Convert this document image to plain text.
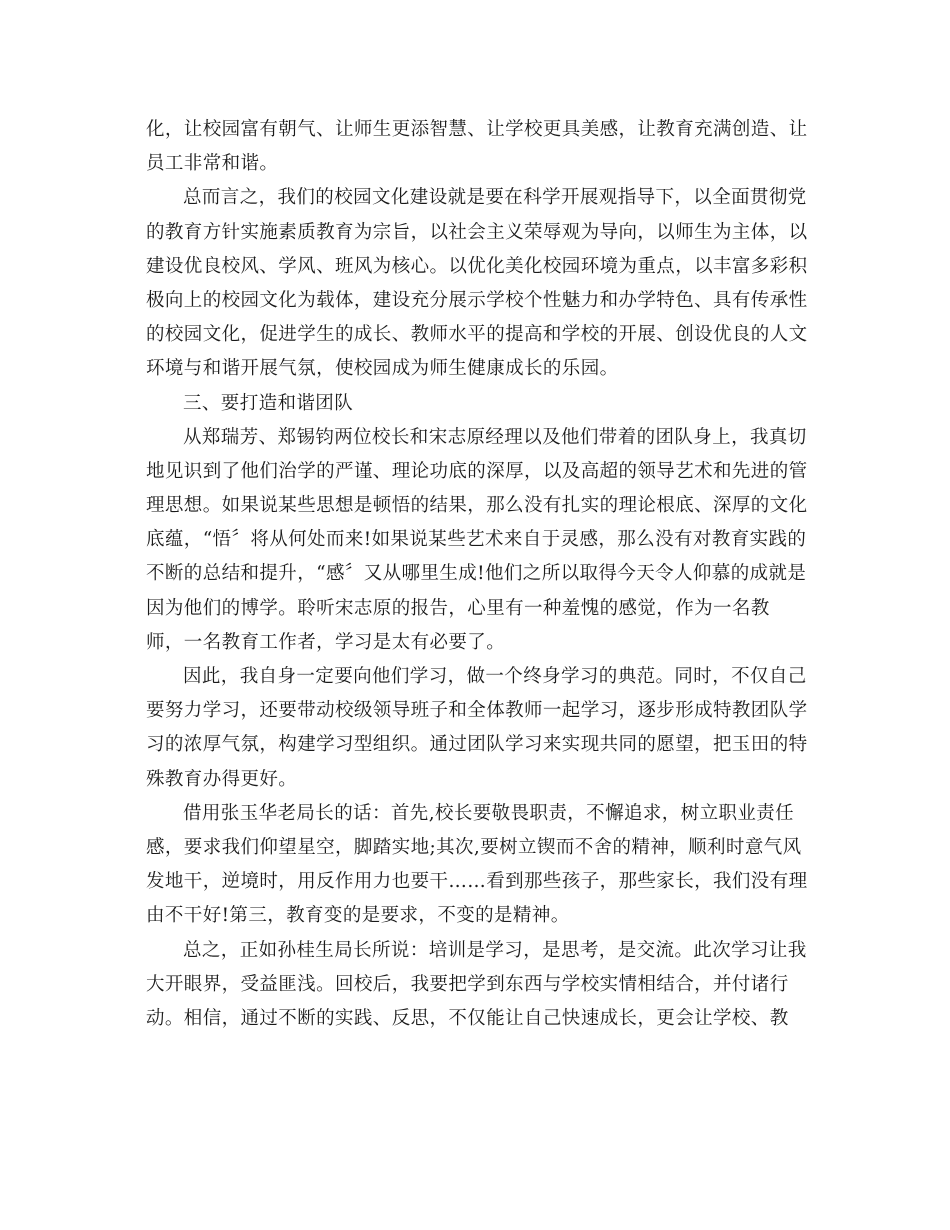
化，让校园富有朝气、让师生更添智慧、让学校更具美感，让教育充满创造、让
员工非常和谐。
总而言之，我们的校园文化建设就是要在科学开展观指导下，以全面贯彻党
的教育方针实施素质教育为宗旨，以社会主义荣辱观为导向，以师生为主体，以
建设优良校风、学风、班风为核心。以优化美化校园环境为重点，以丰富多彩积
极向上的校园文化为载体，建设充分展示学校个性魅力和办学特色、具有传承性
的校园文化，促进学生的成长、教师水平的提高和学校的开展、创设优良的人文
环境与和谐开展气氛，使校园成为师生健康成长的乐园。
三、要打造和谐团队
从郑瑞芳、郑锡钧两位校长和宋志原经理以及他们带着的团队身上，我真切
地见识到了他们治学的严谨、理论功底的深厚，以及高超的领导艺术和先进的管
理思想。如果说某些思想是顿悟的结果，那么没有扎实的理论根底、深厚的文化
底蕴，“悟〞将从何处而来!如果说某些艺术来自于灵感，那么没有对教育实践的
不断的总结和提升，“感〞又从哪里生成!他们之所以取得今天令人仰慕的成就是
因为他们的博学。聆听宋志原的报告，心里有一种羞愧的感觉，作为一名教
师，一名教育工作者，学习是太有必要了。
因此，我自身一定要向他们学习，做一个终身学习的典范。同时，不仅自己
要努力学习，还要带动校级领导班子和全体教师一起学习，逐步形成特教团队学
习的浓厚气氛，构建学习型组织。通过团队学习来实现共同的愿望，把玉田的特
殊教育办得更好。
借用张玉华老局长的话：首先,校长要敬畏职责，不懈追求，树立职业责任
感，要求我们仰望星空，脚踏实地;其次,要树立锲而不舍的精神，顺利时意气风
发地干，逆境时，用反作用力也要干……看到那些孩子，那些家长，我们没有理
由不干好!第三，教育变的是要求，不变的是精神。
总之，正如孙桂生局长所说：培训是学习，是思考，是交流。此次学习让我
大开眼界，受益匪浅。回校后，我要把学到东西与学校实情相结合，并付诸行
动。相信，通过不断的实践、反思，不仅能让自己快速成长，更会让学校、教
